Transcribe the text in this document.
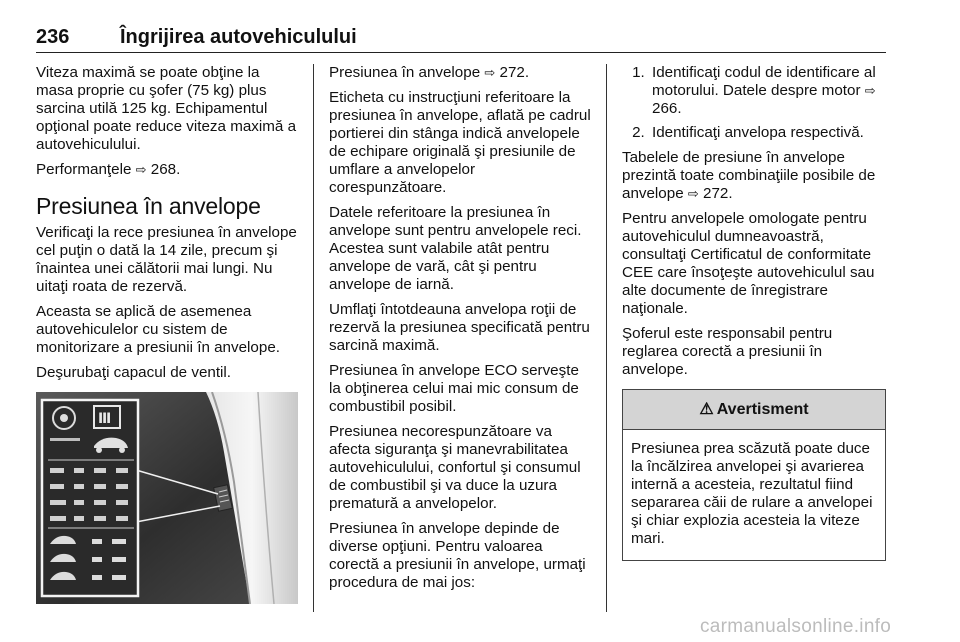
236	Îngrijirea autovehiculului

Viteza maximă se poate obţine la masa proprie cu şofer (75 kg) plus sarcina utilă 125 kg. Echipamentul opţional poate reduce viteza maximă a autovehiculului.

Performanţele ⇨ 268.

Presiunea în anvelope

Verificaţi la rece presiunea în anvelope cel puţin o dată la 14 zile, precum şi înaintea unei călătorii mai lungi. Nu uitaţi roata de rezervă.

Aceasta se aplică de asemenea autovehiculelor cu sistem de monitorizare a presiunii în anvelope.

Deşurubaţi capacul de ventil.

Ⅲ

Presiunea în anvelope ⇨ 272.

Eticheta cu instrucţiuni referitoare la presiunea în anvelope, aflată pe cadrul portierei din stânga indică anvelopele de echipare originală şi presiunile de umflare a anvelopelor corespunzătoare.

Datele referitoare la presiunea în anvelope sunt pentru anvelopele reci. Acestea sunt valabile atât pentru anvelope de vară, cât şi pentru anvelope de iarnă.

Umflaţi întotdeauna anvelopa roţii de rezervă la presiunea specificată pentru sarcină maximă.

Presiunea în anvelope ECO serveşte la obţinerea celui mai mic consum de combustibil posibil.

Presiunea necorespunzătoare va afecta siguranţa şi manevrabilitatea autovehiculului, confortul şi consumul de combustibil şi va duce la uzura prematură a anvelopelor.

Presiunea în anvelope depinde de diverse opţiuni. Pentru valoarea corectă a presiunii în anvelope, urmaţi procedura de mai jos:

1. Identificaţi codul de identificare al motorului. Datele despre motor ⇨ 266.
2. Identificaţi anvelopa respectivă.

Tabelele de presiune în anvelope prezintă toate combinaţiile posibile de anvelope ⇨ 272.

Pentru anvelopele omologate pentru autovehiculul dumneavoastră, consultaţi Certificatul de conformitate CEE care însoţeşte autovehiculul sau alte documente de înregistrare naţionale.

Şoferul este responsabil pentru reglarea corectă a presiunii în anvelope.

⚠ Avertisment
Presiunea prea scăzută poate duce la încălzirea anvelopei şi avarierea internă a acesteia, rezultatul fiind separarea căii de rulare a anvelopei şi chiar explozia acesteia la viteze mari.
carmanualsonline.info
